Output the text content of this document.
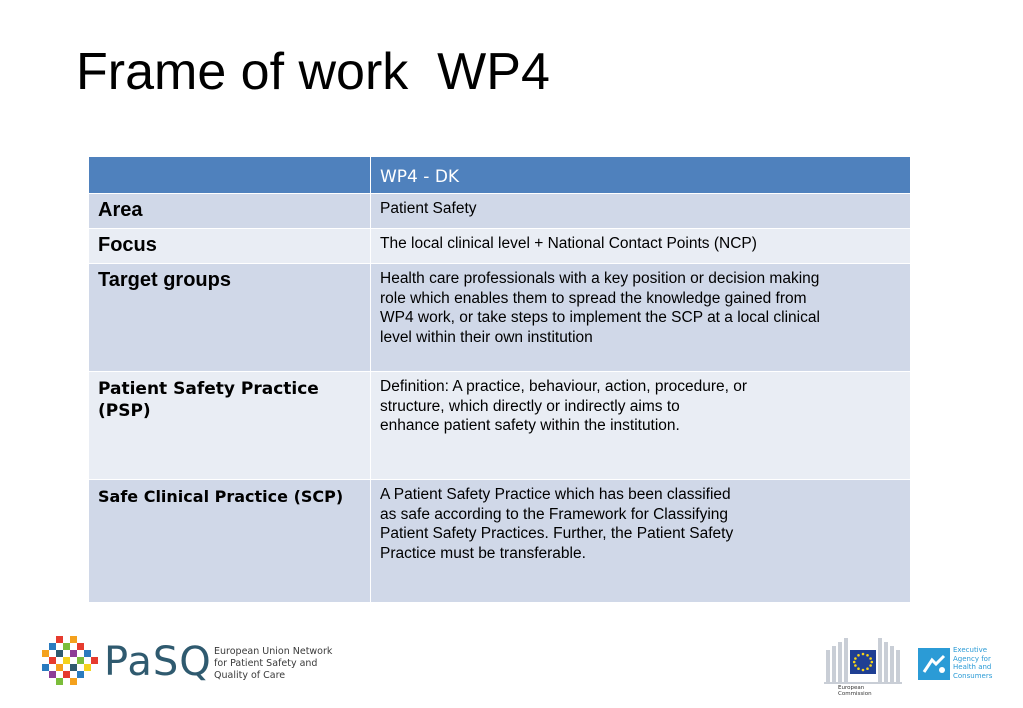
Frame of work  WP4

	WP4 - DK

Area	Patient Safety

Focus	The local clinical level + National Contact Points (NCP)

Target groups	Health care professionals with a key position or decision making
role which enables them to spread the knowledge gained from
WP4 work, or take steps to implement the SCP at a local clinical
level within their own institution

Patient Safety Practice (PSP)	Definition: A practice, behaviour, action, procedure, or
structure, which directly or indirectly aims to
enhance patient safety within the institution.

Safe Clinical Practice (SCP)	A Patient Safety Practice which has been classified
as safe according to the Framework for Classifying
Patient Safety Practices. Further, the Patient Safety
Practice must be transferable.
PaSQ European Union Network
for Patient Safety and
Quality of Care
European
Commission
Executive
Agency for
Health and
Consumers
